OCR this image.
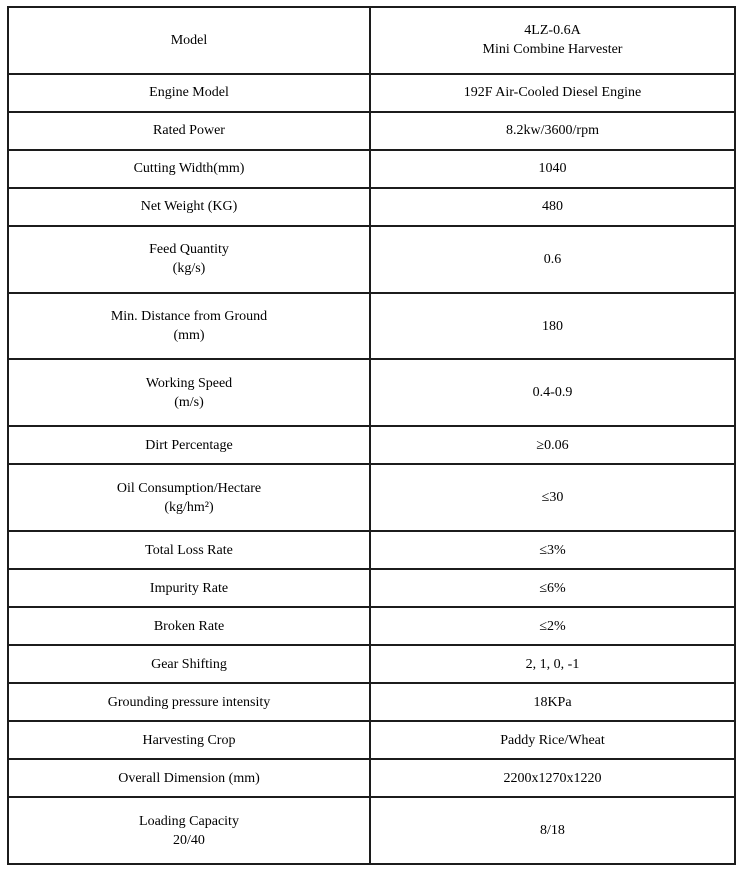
Model	4LZ-0.6A
Mini Combine Harvester

Engine Model	192F Air-Cooled Diesel Engine

Rated Power	8.2kw/3600/rpm

Cutting Width(mm)	1040

Net Weight (KG)	480

Feed Quantity
(kg/s)	0.6

Min. Distance from Ground
(mm)	180

Working Speed
(m/s)	0.4-0.9

Dirt Percentage	≥0.06

Oil Consumption/Hectare
(kg/hm²)	≤30

Total Loss Rate	≤3%

Impurity Rate	≤6%

Broken Rate	≤2%

Gear Shifting	2, 1, 0, -1

Grounding pressure intensity	18KPa

Harvesting Crop	Paddy Rice/Wheat

Overall Dimension (mm)	2200x1270x1220

Loading Capacity
20/40	8/18
